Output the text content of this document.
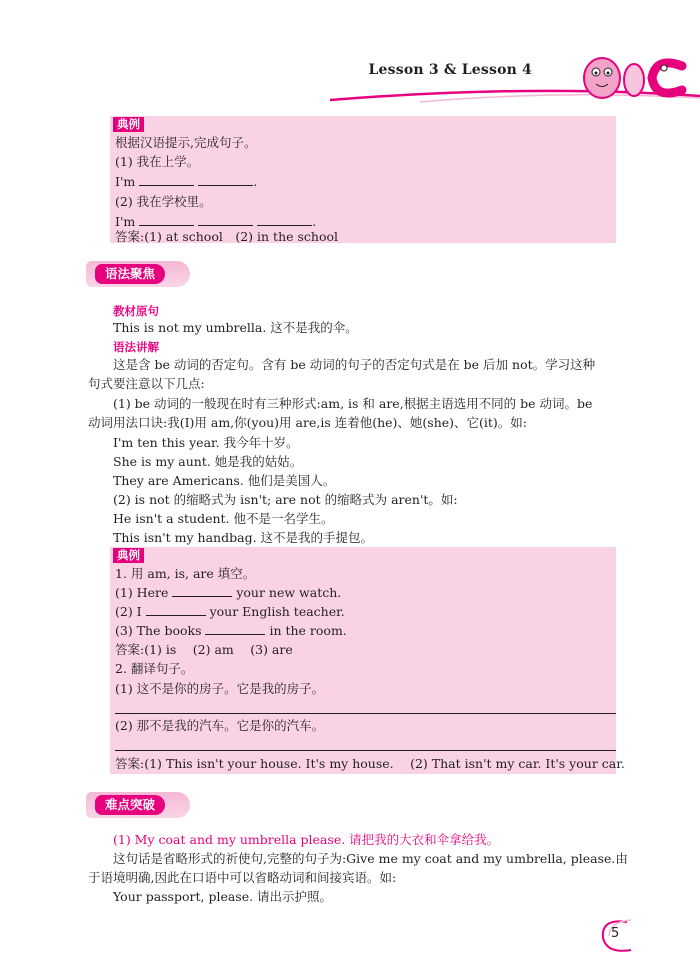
Lesson 3 & Lesson 4
典例
根据汉语提示,完成句子。
(1) 我在上学。
I'm	.
(2) 我在学校里。
I'm	.
答案:(1) at school　(2) in the school
语法聚焦
教材原句
This is not my umbrella. 这不是我的伞。
语法讲解
这是含 be 动词的否定句。含有 be 动词的句子的否定句式是在 be 后加 not。学习这种
句式要注意以下几点:
(1) be 动词的一般现在时有三种形式:am, is 和 are,根据主语选用不同的 be 动词。be
动词用法口诀:我(I)用 am,你(you)用 are,is 连着他(he)、她(she)、它(it)。如:
I'm ten this year. 我今年十岁。
She is my aunt. 她是我的姑姑。
They are Americans. 他们是美国人。
(2) is not 的缩略式为 isn't; are not 的缩略式为 aren't。如:
He isn't a student. 他不是一名学生。
This isn't my handbag. 这不是我的手提包。
典例
1. 用 am, is, are 填空。
(1) Here	your new watch.
(2) I	your English teacher.
(3) The books	in the room.
答案:(1) is　 (2) am　 (3) are
2. 翻译句子。
(1) 这不是你的房子。它是我的房子。
(2) 那不是我的汽车。它是你的汽车。
答案:(1) This isn't your house. It's my house.　 (2) That isn't my car. It's your car.
难点突破
(1) My coat and my umbrella please. 请把我的大衣和伞拿给我。
这句话是省略形式的祈使句,完整的句子为:Give me my coat and my umbrella, please.由
于语境明确,因此在口语中可以省略动词和间接宾语。如:
Your passport, please. 请出示护照。
5
